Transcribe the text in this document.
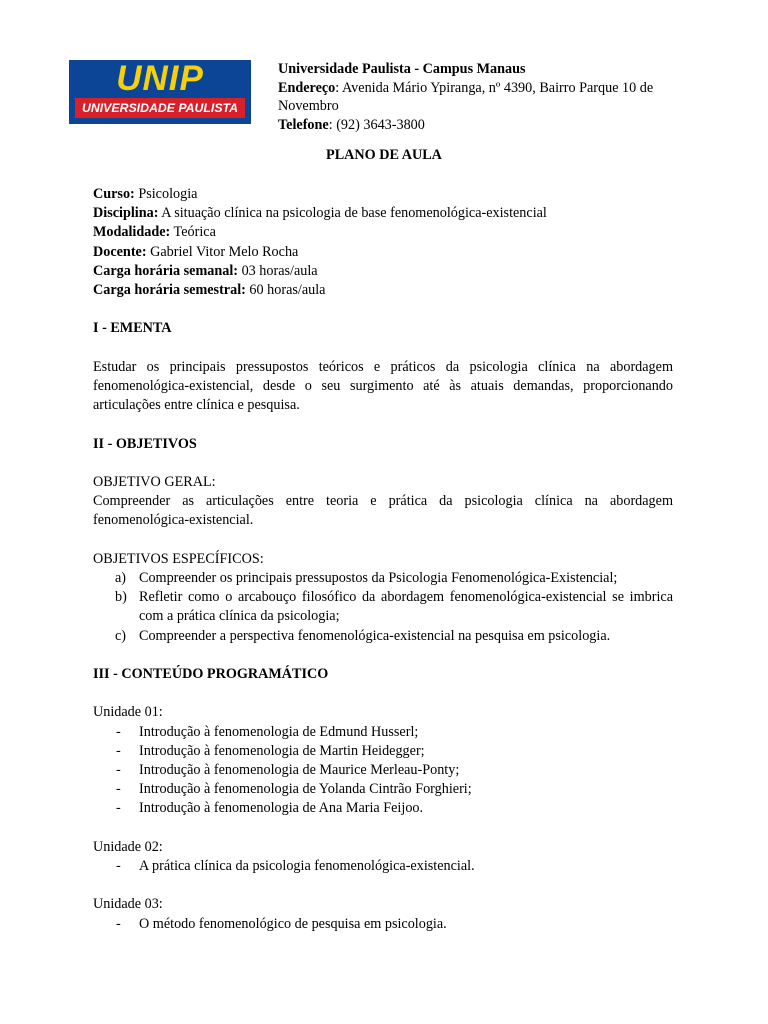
UNIP
UNIVERSIDADE PAULISTA
Universidade Paulista - Campus Manaus
Endereço: Avenida Mário Ypiranga, nº 4390, Bairro Parque 10 de Novembro
Telefone: (92) 3643-3800
PLANO DE AULA

Curso: Psicologia

Disciplina: A situação clínica na psicologia de base fenomenológica-existencial

Modalidade: Teórica

Docente: Gabriel Vitor Melo Rocha

Carga horária semanal: 03 horas/aula

Carga horária semestral: 60 horas/aula

I - EMENTA

Estudar os principais pressupostos teóricos e práticos da psicologia clínica na abordagem fenomenológica-existencial, desde o seu surgimento até às atuais demandas, proporcionando articulações entre clínica e pesquisa.

II - OBJETIVOS

OBJETIVO GERAL:

Compreender as articulações entre teoria e prática da psicologia clínica na abordagem fenomenológica-existencial.

OBJETIVOS ESPECÍFICOS:

a) Compreender os principais pressupostos da Psicologia Fenomenológica-Existencial;
b) Refletir como o arcabouço filosófico da abordagem fenomenológica-existencial se imbrica com a prática clínica da psicologia;
c) Compreender a perspectiva fenomenológica-existencial na pesquisa em psicologia.

III - CONTEÚDO PROGRAMÁTICO

Unidade 01:

- Introdução à fenomenologia de Edmund Husserl;
- Introdução à fenomenologia de Martin Heidegger;
- Introdução à fenomenologia de Maurice Merleau-Ponty;
- Introdução à fenomenologia de Yolanda Cintrão Forghieri;
- Introdução à fenomenologia de Ana Maria Feijoo.

Unidade 02:

- A prática clínica da psicologia fenomenológica-existencial.

Unidade 03:

- O método fenomenológico de pesquisa em psicologia.
